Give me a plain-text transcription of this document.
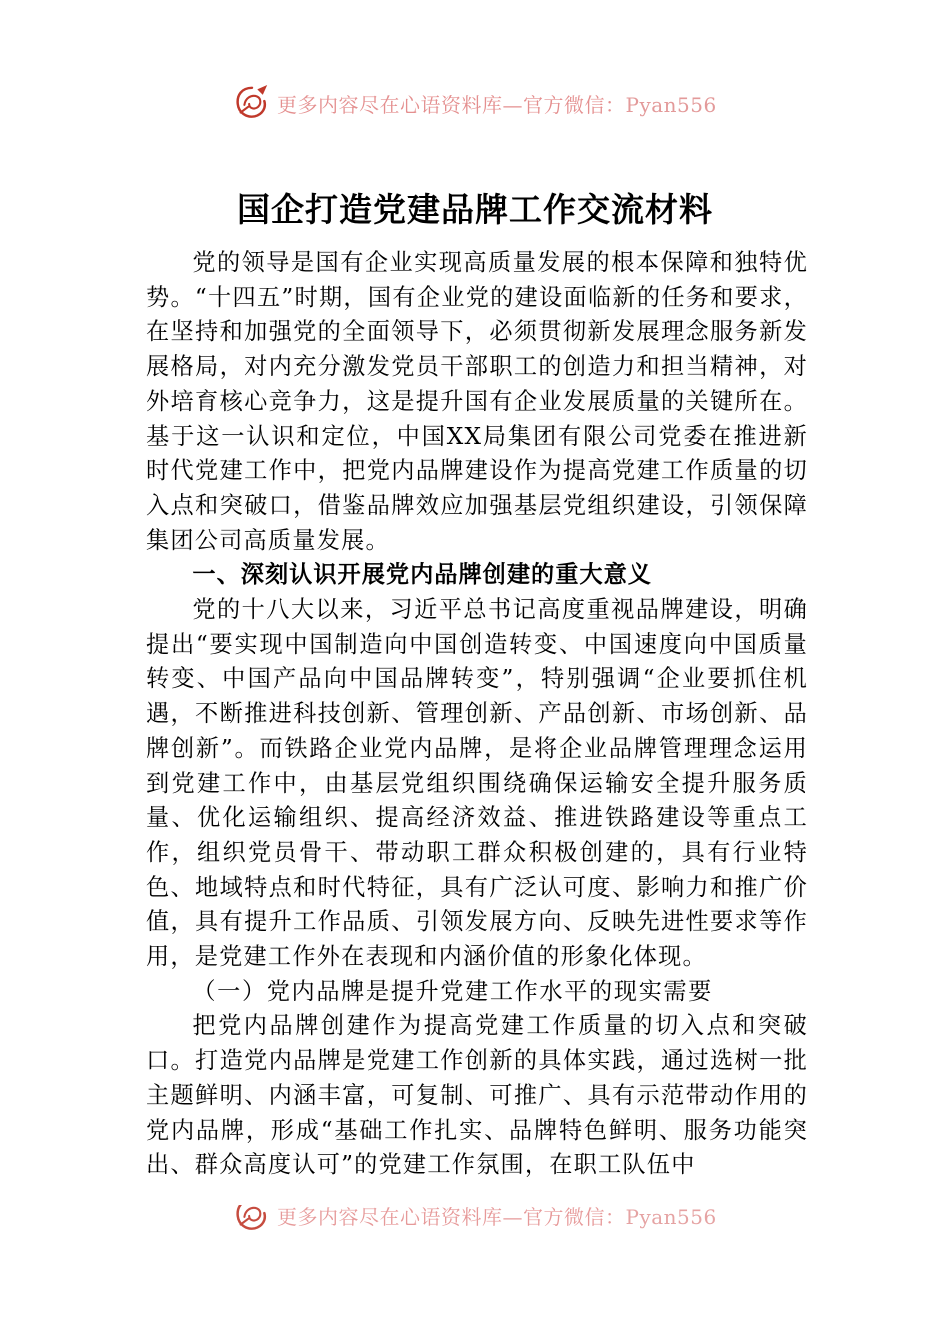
更多内容尽在心语资料库—官方微信：Pyan556
国企打造党建品牌工作交流材料

党的领导是国有企业实现高质量发展的根本保障和独特优势。“十四五”时期，国有企业党的建设面临新的任务和要求，在坚持和加强党的全面领导下，必须贯彻新发展理念服务新发展格局，对内充分激发党员干部职工的创造力和担当精神，对外培育核心竞争力，这是提升国有企业发展质量的关键所在。基于这一认识和定位，中国XX局集团有限公司党委在推进新时代党建工作中，把党内品牌建设作为提高党建工作质量的切入点和突破口，借鉴品牌效应加强基层党组织建设，引领保障集团公司高质量发展。

一、深刻认识开展党内品牌创建的重大意义

党的十八大以来，习近平总书记高度重视品牌建设，明确提出“要实现中国制造向中国创造转变、中国速度向中国质量转变、中国产品向中国品牌转变”，特别强调“企业要抓住机遇，不断推进科技创新、管理创新、产品创新、市场创新、品牌创新”。而铁路企业党内品牌，是将企业品牌管理理念运用到党建工作中，由基层党组织围绕确保运输安全提升服务质量、优化运输组织、提高经济效益、推进铁路建设等重点工作，组织党员骨干、带动职工群众积极创建的，具有行业特色、地域特点和时代特征，具有广泛认可度、影响力和推广价值，具有提升工作品质、引领发展方向、反映先进性要求等作用，是党建工作外在表现和内涵价值的形象化体现。

（一）党内品牌是提升党建工作水平的现实需要

把党内品牌创建作为提高党建工作质量的切入点和突破口。打造党内品牌是党建工作创新的具体实践，通过选树一批主题鲜明、内涵丰富，可复制、可推广、具有示范带动作用的党内品牌，形成“基础工作扎实、品牌特色鲜明、服务功能突出、群众高度认可”的党建工作氛围，在职工队伍中

更多内容尽在心语资料库—官方微信：Pyan556
